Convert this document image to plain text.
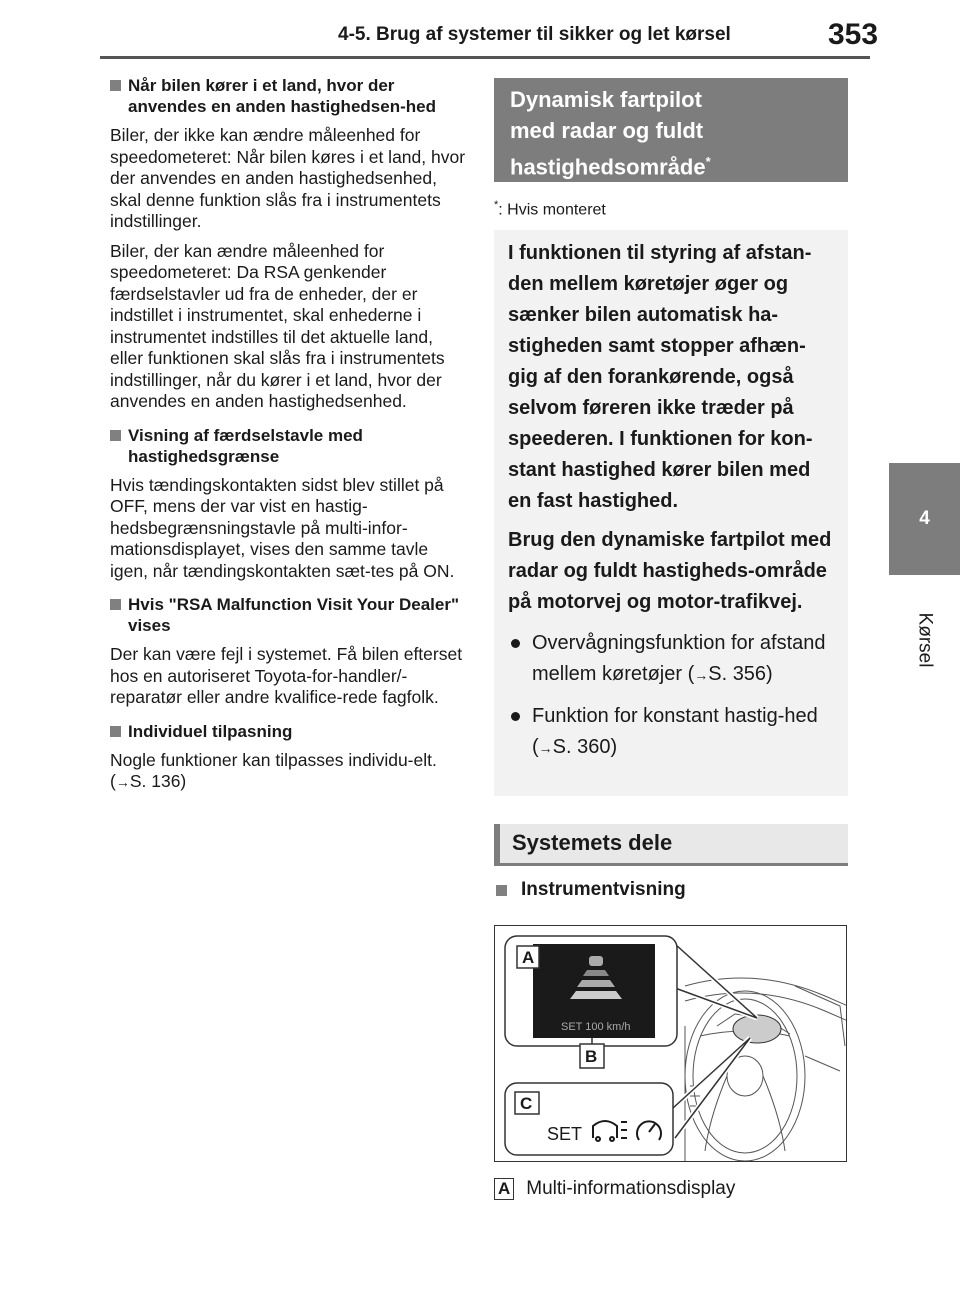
4-5. Brug af systemer til sikker og let kørsel	353
4
Kørsel
Når bilen kører i et land, hvor der anvendes en anden hastighedsen-hed
Biler, der ikke kan ændre måleenhed for speedometeret: Når bilen køres i et land, hvor der anvendes en anden hastighedsenhed, skal denne funktion slås fra i instrumentets indstillinger.
Biler, der kan ændre måleenhed for speedometeret: Da RSA genkender færdselstavler ud fra de enheder, der er indstillet i instrumentet, skal enhederne i instrumentet indstilles til det aktuelle land, eller funktionen skal slås fra i instrumentets indstillinger, når du kører i et land, hvor der anvendes en anden hastighedsenhed.
Visning af færdselstavle med hastighedsgrænse
Hvis tændingskontakten sidst blev stillet på OFF, mens der var vist en hastig-hedsbegrænsningstavle på multi-infor-mationsdisplayet, vises den samme tavle igen, når tændingskontakten sæt-tes på ON.
Hvis "RSA Malfunction Visit Your Dealer" vises
Der kan være fejl i systemet. Få bilen efterset hos en autoriseret Toyota-for-handler/-reparatør eller andre kvalifice-rede fagfolk.
Individuel tilpasning
Nogle funktioner kan tilpasses individu-elt. (→S. 136)
Dynamisk fartpilot
med radar og fuldt
hastighedsområde*
*: Hvis monteret
I funktionen til styring af afstan-den mellem køretøjer øger og sænker bilen automatisk ha-stigheden samt stopper afhæn-gig af den forankørende, også selvom føreren ikke træder på speederen. I funktionen for kon-stant hastighed kører bilen med en fast hastighed.
Brug den dynamiske fartpilot med radar og fuldt hastigheds-område på motorvej og motor-trafikvej.
Overvågningsfunktion for afstand mellem køretøjer (→S. 356)
Funktion for konstant hastig-hed (→S. 360)
Systemets dele
Instrumentvisning
SET 100 km/h
A
B
C
SET
A Multi-informationsdisplay
